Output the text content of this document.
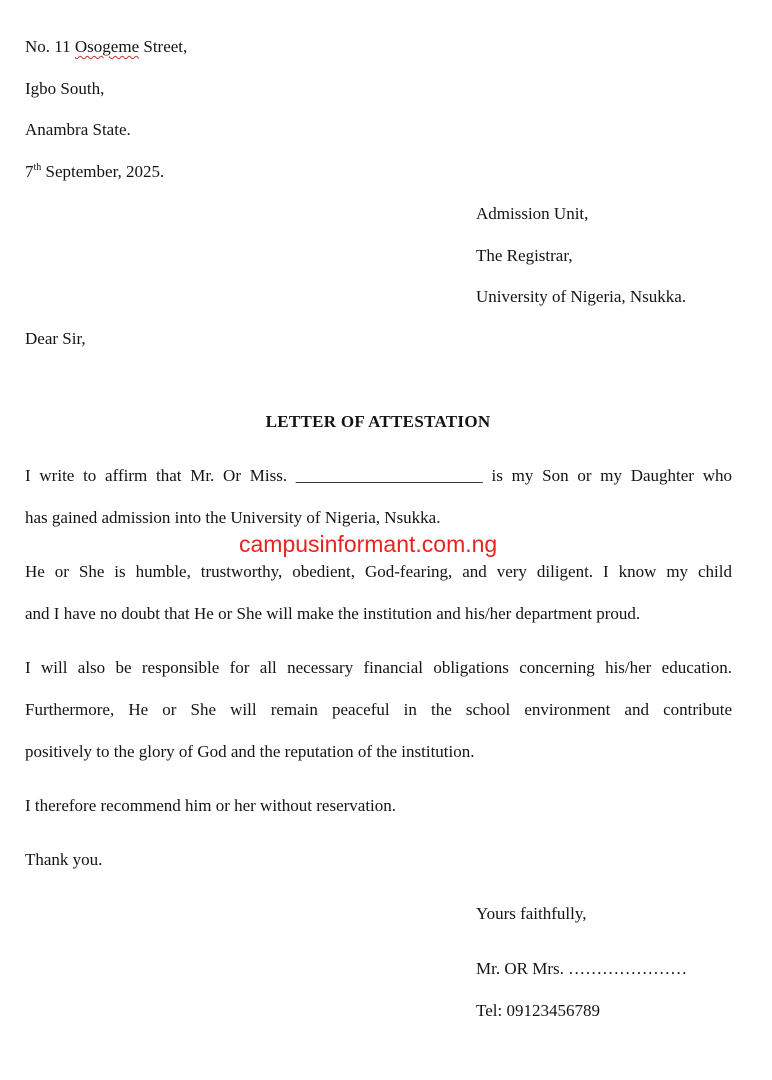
No. 11 Osogeme Street,
Igbo South,
Anambra State.
7th September, 2025.
Admission Unit,
The Registrar,
University of Nigeria, Nsukka.
Dear Sir,
LETTER OF ATTESTATION
I write to affirm that Mr. Or Miss. ______________________ is my Son or my Daughter who
has gained admission into the University of Nigeria, Nsukka.
campusinformant.com.ng
He or She is humble, trustworthy, obedient, God-fearing, and very diligent. I know my child
and I have no doubt that He or She will make the institution and his/her department proud.
I will also be responsible for all necessary financial obligations concerning his/her education.
Furthermore, He or She will remain peaceful in the school environment and contribute
positively to the glory of God and the reputation of the institution.
I therefore recommend him or her without reservation.
Thank you.
Yours faithfully,
Mr. OR Mrs. …………………
Tel: 09123456789
